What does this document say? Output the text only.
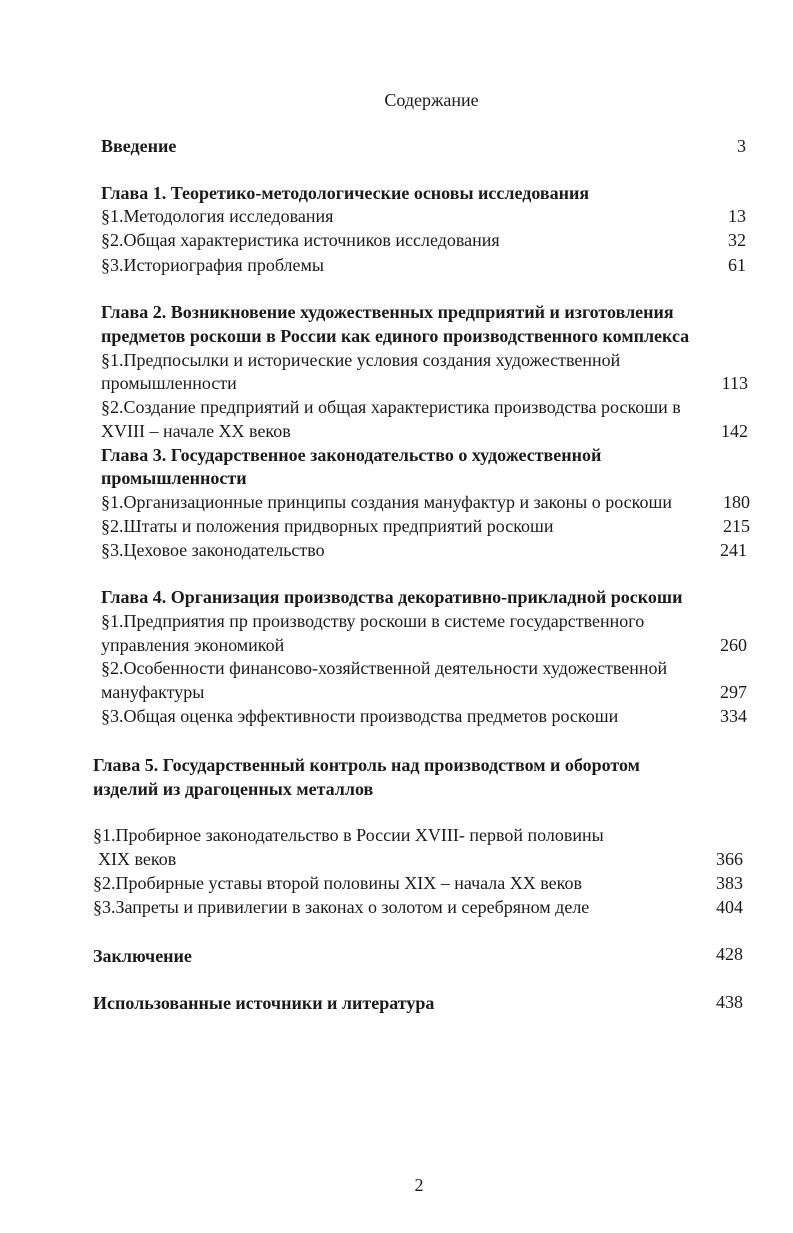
Содержание
Введение	3
Глава 1. Теоретико-методологические основы исследования
§1.Методология исследования	13
§2.Общая характеристика источников исследования	32
§3.Историография проблемы	61
Глава 2. Возникновение художественных предприятий и изготовления
предметов роскоши в России как единого производственного комплекса
§1.Предпосылки и исторические условия создания художественной
промышленности	113
§2.Создание предприятий и общая характеристика производства роскоши в
XVIII – начале XX веков	142
Глава 3. Государственное законодательство о художественной
промышленности
§1.Организационные принципы создания мануфактур и законы о роскоши	180
§2.Штаты и положения придворных предприятий роскоши	215
§3.Цеховое законодательство	241
Глава 4. Организация производства декоративно-прикладной роскоши
§1.Предприятия пр производству роскоши в системе государственного
управления экономикой	260
§2.Особенности финансово-хозяйственной деятельности художественной
мануфактуры	297
§3.Общая оценка эффективности производства предметов роскоши	334
Глава 5. Государственный контроль над производством и оборотом
изделий из драгоценных металлов
§1.Пробирное законодательство в России XVIII- первой половины
XIX веков	366
§2.Пробирные уставы второй половины XIX – начала XX веков	383
§3.Запреты и привилегии в законах о золотом и серебряном деле	404
Заключение	428
Использованные источники и литература	438
2
